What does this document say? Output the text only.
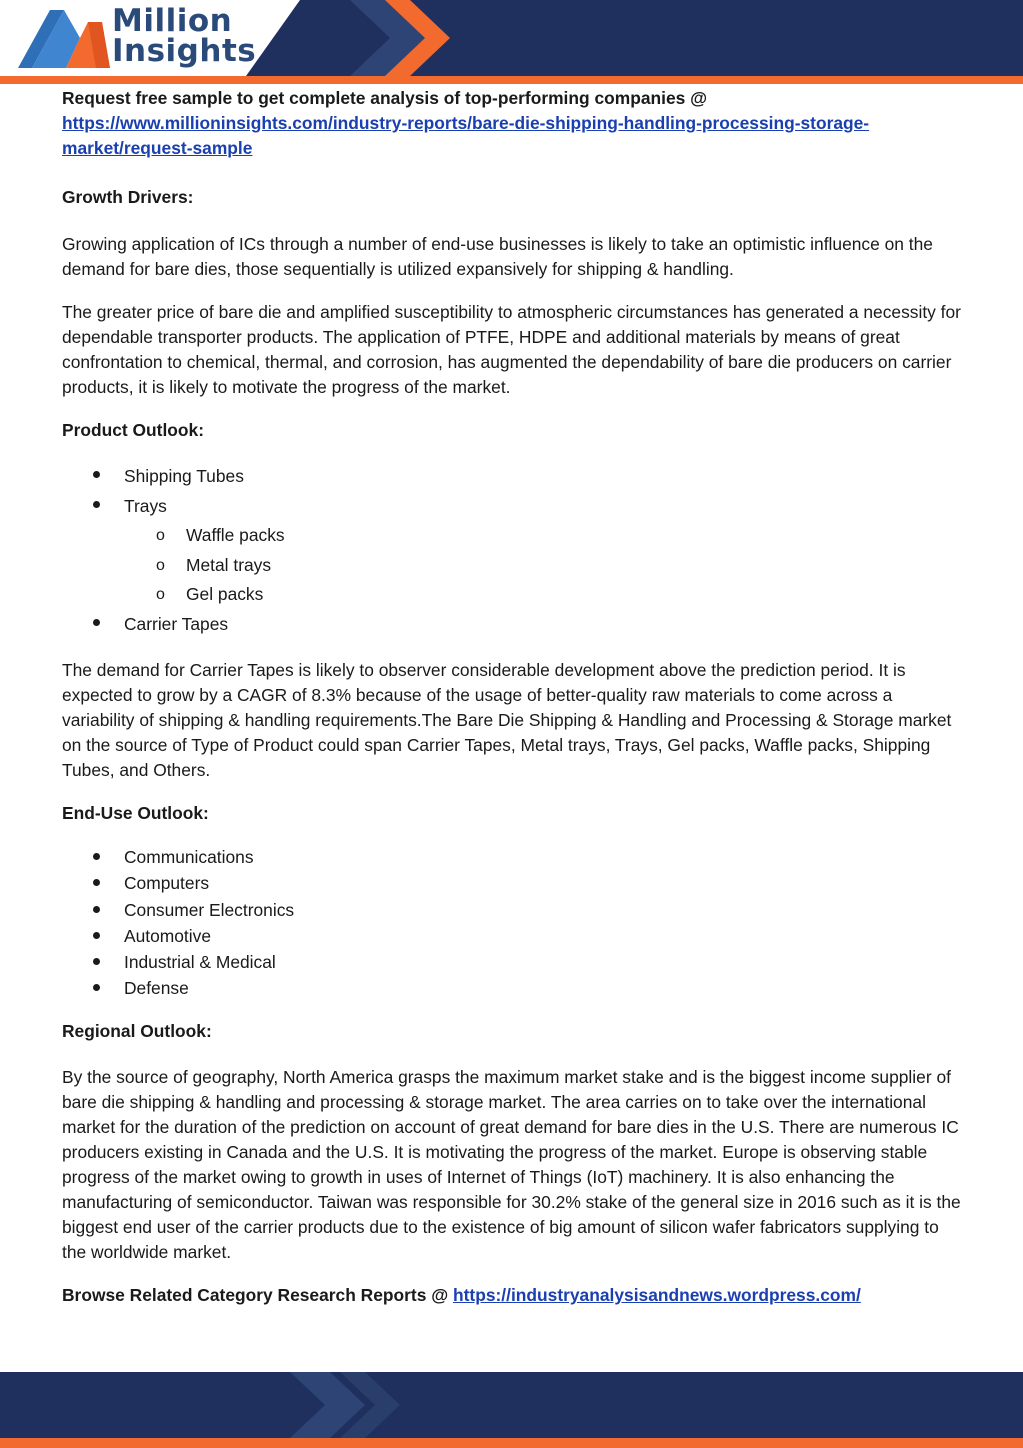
Million
Insights

Request free sample to get complete analysis of top-performing companies @

https://www.millioninsights.com/industry-reports/bare-die-shipping-handling-processing-storage-

market/request-sample

Growth Drivers:

Growing application of ICs through a number of end-use businesses is likely to take an optimistic influence on the demand for bare dies, those sequentially is utilized expansively for shipping & handling.

The greater price of bare die and amplified susceptibility to atmospheric circumstances has generated a necessity for dependable transporter products. The application of PTFE, HDPE and additional materials by means of great confrontation to chemical, thermal, and corrosion, has augmented the dependability of bare die producers on carrier products, it is likely to motivate the progress of the market.

Product Outlook:

Shipping Tubes
Trays
o Waffle packs
o Metal trays
o Gel packs
Carrier Tapes

The demand for Carrier Tapes is likely to observer considerable development above the prediction period. It is expected to grow by a CAGR of 8.3% because of the usage of better-quality raw materials to come across a variability of shipping & handling requirements.The Bare Die Shipping & Handling and Processing & Storage market on the source of Type of Product could span Carrier Tapes, Metal trays, Trays, Gel packs, Waffle packs, Shipping Tubes, and Others.

End-Use Outlook:

Communications
Computers
Consumer Electronics
Automotive
Industrial & Medical
Defense

Regional Outlook:

By the source of geography, North America grasps the maximum market stake and is the biggest income supplier of bare die shipping & handling and processing & storage market. The area carries on to take over the international market for the duration of the prediction on account of great demand for bare dies in the U.S. There are numerous IC producers existing in Canada and the U.S. It is motivating the progress of the market. Europe is observing stable progress of the market owing to growth in uses of Internet of Things (IoT) machinery. It is also enhancing the manufacturing of semiconductor. Taiwan was responsible for 30.2% stake of the general size in 2016 such as it is the biggest end user of the carrier products due to the existence of big amount of silicon wafer fabricators supplying to the worldwide market.

Browse Related Category Research Reports @ https://industryanalysisandnews.wordpress.com/
